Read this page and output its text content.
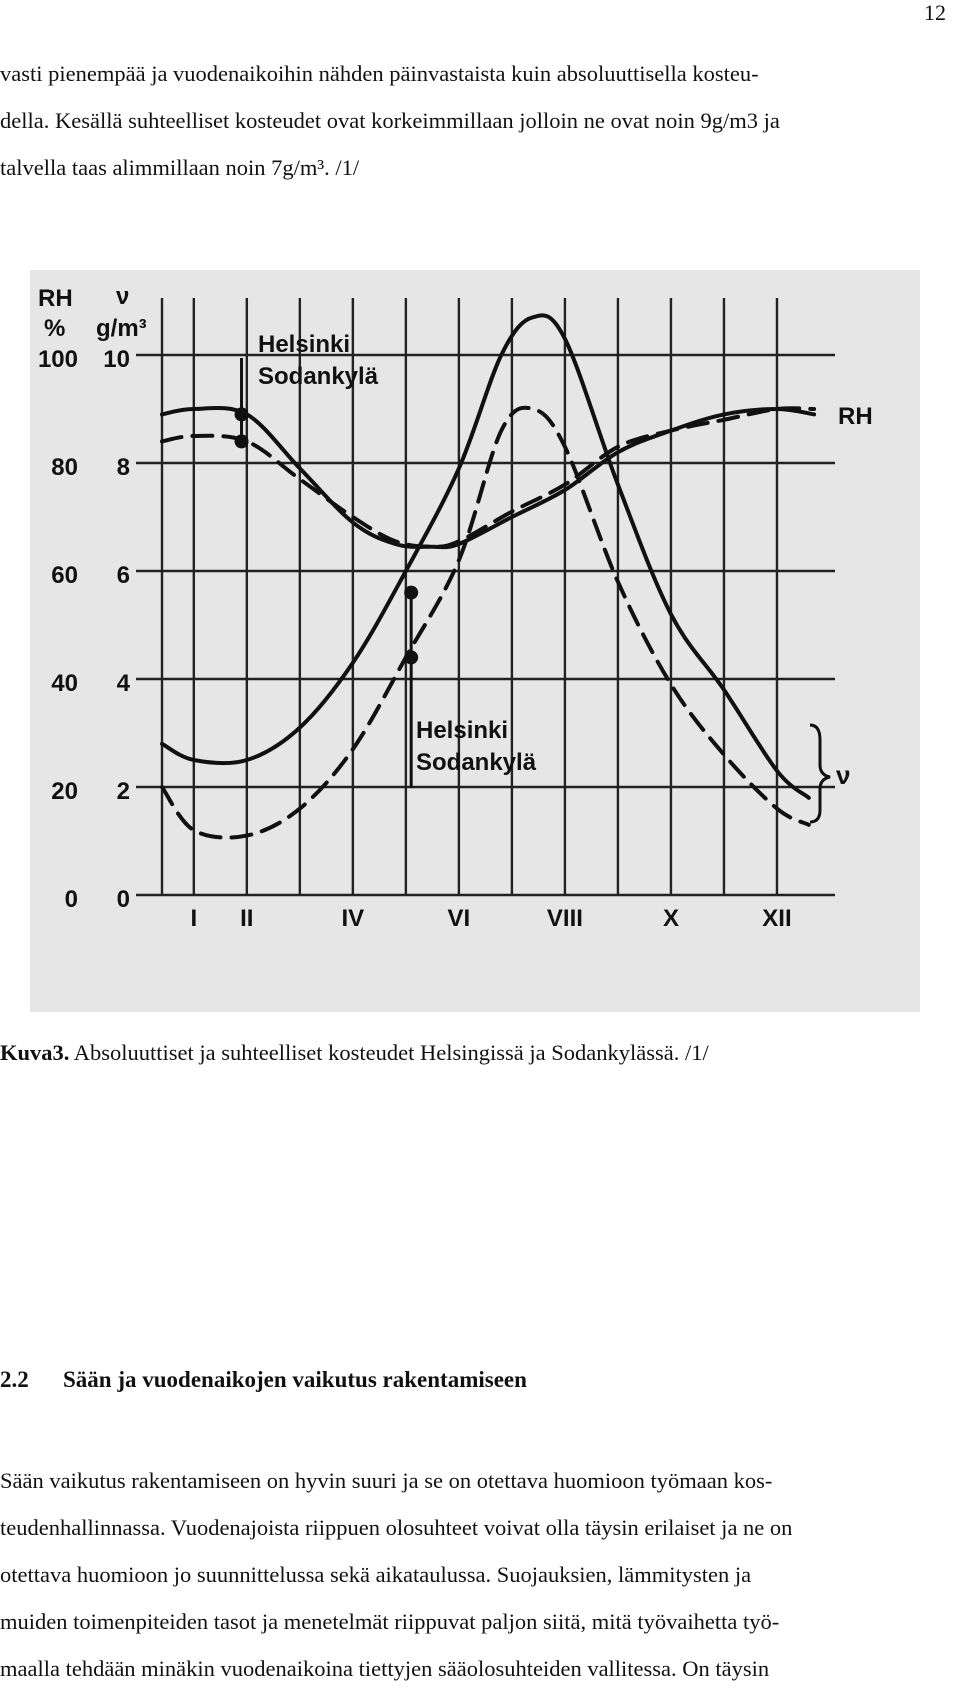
12

vasti pienempää ja vuodenaikoihin nähden päinvastaista kuin absoluuttisella kosteu-

della. Kesällä suhteelliset kosteudet ovat korkeimmillaan jolloin ne ovat noin 9g/m3 ja

talvella taas alimmillaan noin 7g/m³. /1/

RH
%
ν
g/m³
100
80
60
40
20
0
10
8
6
4
2
0
I II	IV	VI	VIII	X	XII
RH
Helsinki
Sodankylä
Helsinki
Sodankylä	ν
Kuva3. Absoluuttiset ja suhteelliset kosteudet Helsingissä ja Sodankylässä. /1/
2.2 Sään ja vuodenaikojen vaikutus rakentamiseen

Sään vaikutus rakentamiseen on hyvin suuri ja se on otettava huomioon työmaan kos-

teudenhallinnassa. Vuodenajoista riippuen olosuhteet voivat olla täysin erilaiset ja ne on

otettava huomioon jo suunnittelussa sekä aikataulussa. Suojauksien, lämmitysten ja

muiden toimenpiteiden tasot ja menetelmät riippuvat paljon siitä, mitä työvaihetta työ-

maalla tehdään minäkin vuodenaikoina tiettyjen sääolosuhteiden vallitessa. On täysin
